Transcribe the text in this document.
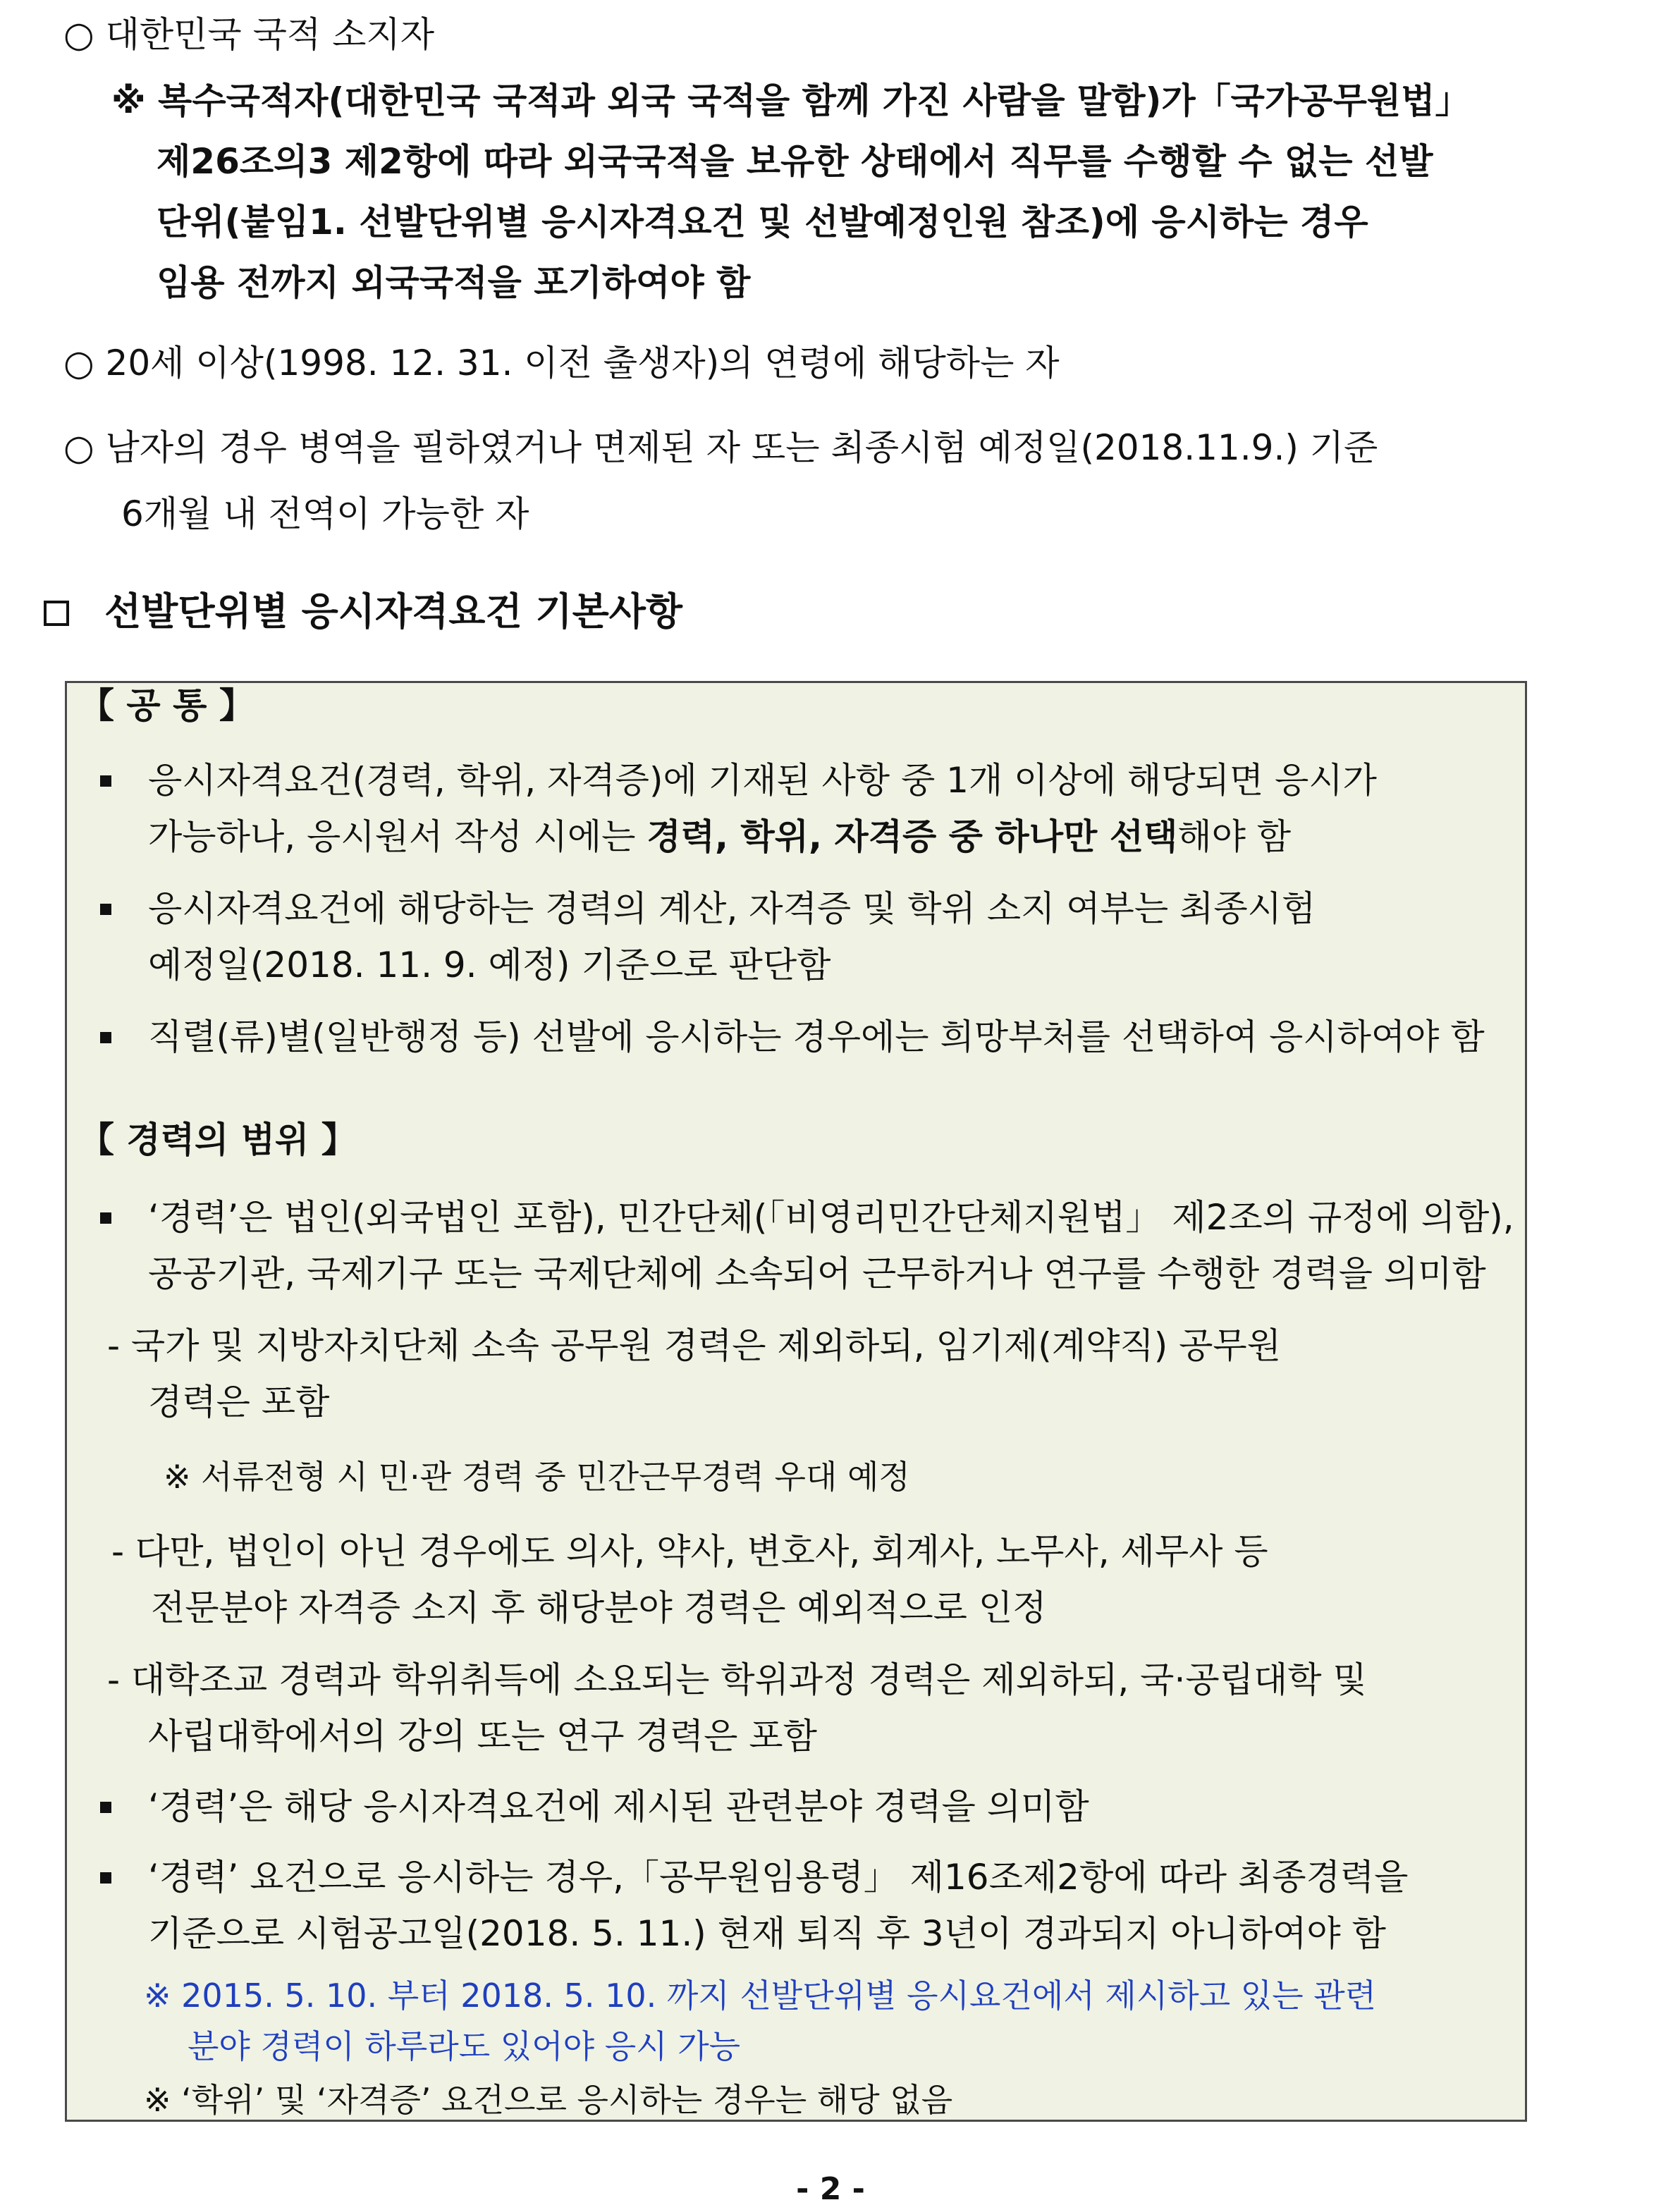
○ 대한민국 국적 소지자
※ 복수국적자(대한민국 국적과 외국 국적을 함께 가진 사람을 말함)가「국가공무원법」
제26조의3 제2항에 따라 외국국적을 보유한 상태에서 직무를 수행할 수 없는 선발
단위(붙임1. 선발단위별 응시자격요건 및 선발예정인원 참조)에 응시하는 경우
임용 전까지 외국국적을 포기하여야 함
○ 20세 이상(1998. 12. 31. 이전 출생자)의 연령에 해당하는 자
○ 남자의 경우 병역을 필하였거나 면제된 자 또는 최종시험 예정일(2018.11.9.) 기준
6개월 내 전역이 가능한 자
선발단위별 응시자격요건 기본사항
【 공 통 】
응시자격요건(경력, 학위, 자격증)에 기재된 사항 중 1개 이상에 해당되면 응시가
가능하나, 응시원서 작성 시에는 경력, 학위, 자격증 중 하나만 선택해야 함
응시자격요건에 해당하는 경력의 계산, 자격증 및 학위 소지 여부는 최종시험
예정일(2018. 11. 9. 예정) 기준으로 판단함
직렬(류)별(일반행정 등) 선발에 응시하는 경우에는 희망부처를 선택하여 응시하여야 함
【 경력의 범위 】
‘경력’은 법인(외국법인 포함), 민간단체(「비영리민간단체지원법」 제2조의 규정에 의함),
공공기관, 국제기구 또는 국제단체에 소속되어 근무하거나 연구를 수행한 경력을 의미함
- 국가 및 지방자치단체 소속 공무원 경력은 제외하되, 임기제(계약직) 공무원
경력은 포함
※ 서류전형 시 민·관 경력 중 민간근무경력 우대 예정
- 다만, 법인이 아닌 경우에도 의사, 약사, 변호사, 회계사, 노무사, 세무사 등
전문분야 자격증 소지 후 해당분야 경력은 예외적으로 인정
- 대학조교 경력과 학위취득에 소요되는 학위과정 경력은 제외하되, 국·공립대학 및
사립대학에서의 강의 또는 연구 경력은 포함
‘경력’은 해당 응시자격요건에 제시된 관련분야 경력을 의미함
‘경력’ 요건으로 응시하는 경우,「공무원임용령」 제16조제2항에 따라 최종경력을
기준으로 시험공고일(2018. 5. 11.) 현재 퇴직 후 3년이 경과되지 아니하여야 함
※ 2015. 5. 10. 부터 2018. 5. 10. 까지 선발단위별 응시요건에서 제시하고 있는 관련
분야 경력이 하루라도 있어야 응시 가능
※ ‘학위’ 및 ‘자격증’ 요건으로 응시하는 경우는 해당 없음
- 2 -
